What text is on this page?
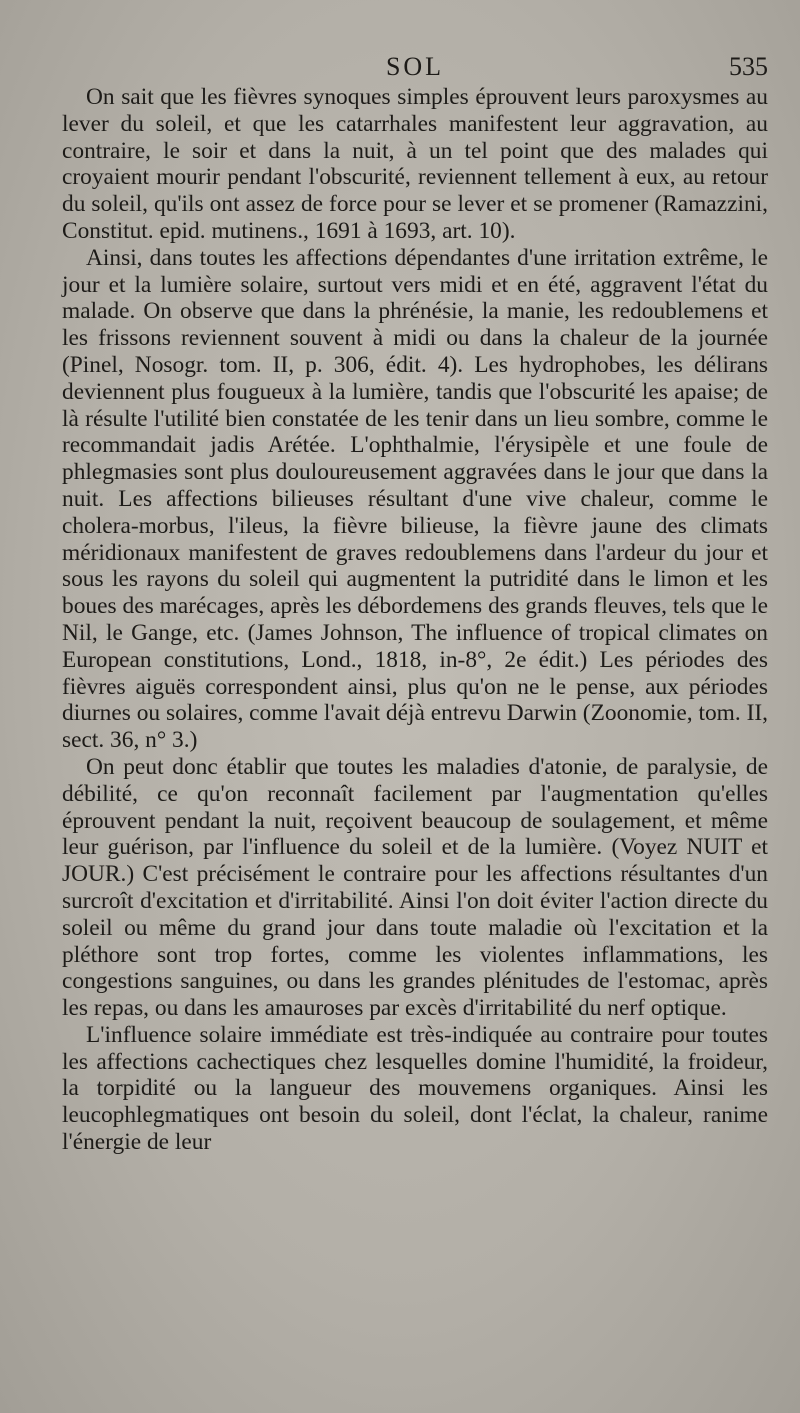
SOL	535

On sait que les fièvres synoques simples éprouvent leurs paroxysmes au lever du soleil, et que les catarrhales manifestent leur aggravation, au contraire, le soir et dans la nuit, à un tel point que des malades qui croyaient mourir pendant l'obscurité, reviennent tellement à eux, au retour du soleil, qu'ils ont assez de force pour se lever et se promener (Ramazzini, Constitut. epid. mutinens., 1691 à 1693, art. 10).

Ainsi, dans toutes les affections dépendantes d'une irritation extrême, le jour et la lumière solaire, surtout vers midi et en été, aggravent l'état du malade. On observe que dans la phrénésie, la manie, les redoublemens et les frissons reviennent souvent à midi ou dans la chaleur de la journée (Pinel, Nosogr. tom. II, p. 306, édit. 4). Les hydrophobes, les délirans deviennent plus fougueux à la lumière, tandis que l'obscurité les apaise; de là résulte l'utilité bien constatée de les tenir dans un lieu sombre, comme le recommandait jadis Arétée. L'ophthalmie, l'érysipèle et une foule de phlegmasies sont plus douloureusement aggravées dans le jour que dans la nuit. Les affections bilieuses résultant d'une vive chaleur, comme le cholera-morbus, l'ileus, la fièvre bilieuse, la fièvre jaune des climats méridionaux manifestent de graves redoublemens dans l'ardeur du jour et sous les rayons du soleil qui augmentent la putridité dans le limon et les boues des marécages, après les débordemens des grands fleuves, tels que le Nil, le Gange, etc. (James Johnson, The influence of tropical climates on European constitutions, Lond., 1818, in-8°, 2e édit.) Les périodes des fièvres aiguës correspondent ainsi, plus qu'on ne le pense, aux périodes diurnes ou solaires, comme l'avait déjà entrevu Darwin (Zoonomie, tom. II, sect. 36, n° 3.)

On peut donc établir que toutes les maladies d'atonie, de paralysie, de débilité, ce qu'on reconnaît facilement par l'augmentation qu'elles éprouvent pendant la nuit, reçoivent beaucoup de soulagement, et même leur guérison, par l'influence du soleil et de la lumière. (Voyez NUIT et JOUR.) C'est précisément le contraire pour les affections résultantes d'un surcroît d'excitation et d'irritabilité. Ainsi l'on doit éviter l'action directe du soleil ou même du grand jour dans toute maladie où l'excitation et la pléthore sont trop fortes, comme les violentes inflammations, les congestions sanguines, ou dans les grandes plénitudes de l'estomac, après les repas, ou dans les amauroses par excès d'irritabilité du nerf optique.

L'influence solaire immédiate est très-indiquée au contraire pour toutes les affections cachectiques chez lesquelles domine l'humidité, la froideur, la torpidité ou la langueur des mouvemens organiques. Ainsi les leucophlegmatiques ont besoin du soleil, dont l'éclat, la chaleur, ranime l'énergie de leur
